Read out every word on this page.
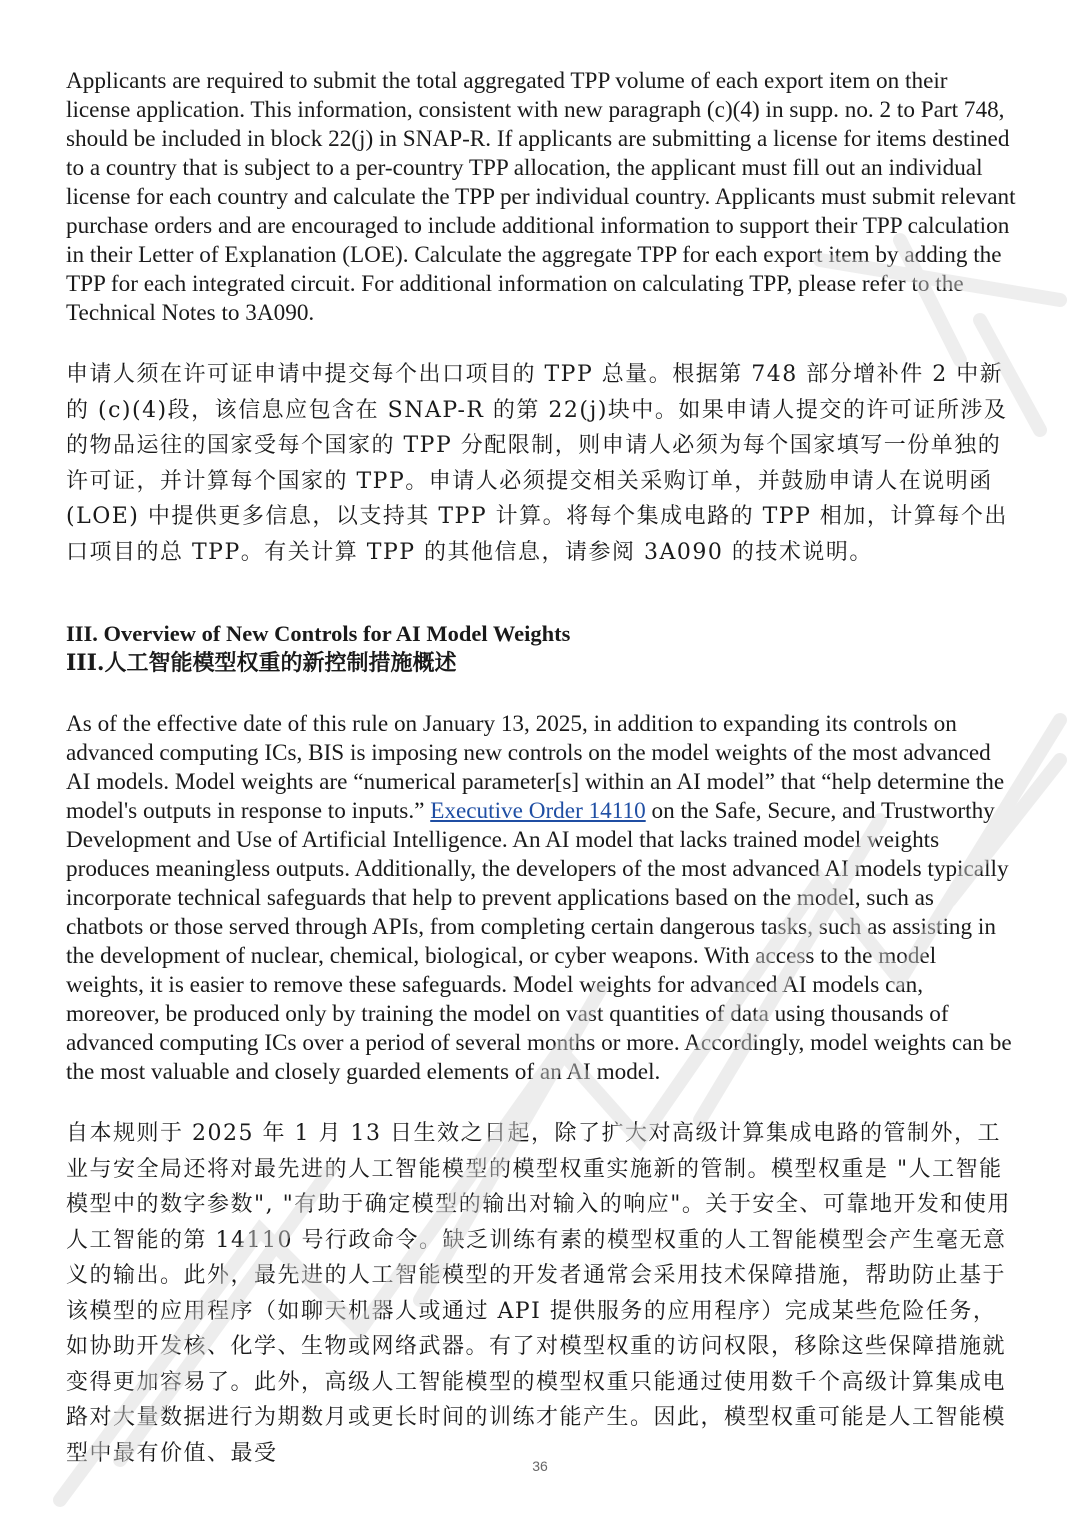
Applicants are required to submit the total aggregated TPP volume of each export item on their license application. This information, consistent with new paragraph (c)(4) in supp. no. 2 to Part 748, should be included in block 22(j) in SNAP-R. If applicants are submitting a license for items destined to a country that is subject to a per-country TPP allocation, the applicant must fill out an individual license for each country and calculate the TPP per individual country. Applicants must submit relevant purchase orders and are encouraged to include additional information to support their TPP calculation in their Letter of Explanation (LOE). Calculate the aggregate TPP for each export item by adding the TPP for each integrated circuit. For additional information on calculating TPP, please refer to the Technical Notes to 3A090.

申请人须在许可证申请中提交每个出口项目的 TPP 总量。根据第 748 部分增补件 2 中新的 (c)(4)段，该信息应包含在 SNAP-R 的第 22(j)块中。如果申请人提交的许可证所涉及的物品运往的国家受每个国家的 TPP 分配限制，则申请人必须为每个国家填写一份单独的许可证，并计算每个国家的 TPP。申请人必须提交相关采购订单，并鼓励申请人在说明函 (LOE) 中提供更多信息，以支持其 TPP 计算。将每个集成电路的 TPP 相加，计算每个出口项目的总 TPP。有关计算 TPP 的其他信息，请参阅 3A090 的技术说明。

III. Overview of New Controls for AI Model Weights

III.人工智能模型权重的新控制措施概述

As of the effective date of this rule on January 13, 2025, in addition to expanding its controls on advanced computing ICs, BIS is imposing new controls on the model weights of the most advanced AI models. Model weights are “numerical parameter[s] within an AI model” that “help determine the model's outputs in response to inputs.” Executive Order 14110 on the Safe, Secure, and Trustworthy Development and Use of Artificial Intelligence. An AI model that lacks trained model weights produces meaningless outputs. Additionally, the developers of the most advanced AI models typically incorporate technical safeguards that help to prevent applications based on the model, such as chatbots or those served through APIs, from completing certain dangerous tasks, such as assisting in the development of nuclear, chemical, biological, or cyber weapons. With access to the model weights, it is easier to remove these safeguards. Model weights for advanced AI models can, moreover, be produced only by training the model on vast quantities of data using thousands of advanced computing ICs over a period of several months or more. Accordingly, model weights can be the most valuable and closely guarded elements of an AI model.

自本规则于 2025 年 1 月 13 日生效之日起，除了扩大对高级计算集成电路的管制外，工业与安全局还将对最先进的人工智能模型的模型权重实施新的管制。模型权重是 "人工智能模型中的数字参数", "有助于确定模型的输出对输入的响应"。关于安全、可靠地开发和使用人工智能的第 14110 号行政命令。缺乏训练有素的模型权重的人工智能模型会产生毫无意义的输出。此外，最先进的人工智能模型的开发者通常会采用技术保障措施，帮助防止基于该模型的应用程序（如聊天机器人或通过 API 提供服务的应用程序）完成某些危险任务，如协助开发核、化学、生物或网络武器。有了对模型权重的访问权限，移除这些保障措施就变得更加容易了。此外，高级人工智能模型的模型权重只能通过使用数千个高级计算集成电路对大量数据进行为期数月或更长时间的训练才能产生。因此，模型权重可能是人工智能模型中最有价值、最受

36
